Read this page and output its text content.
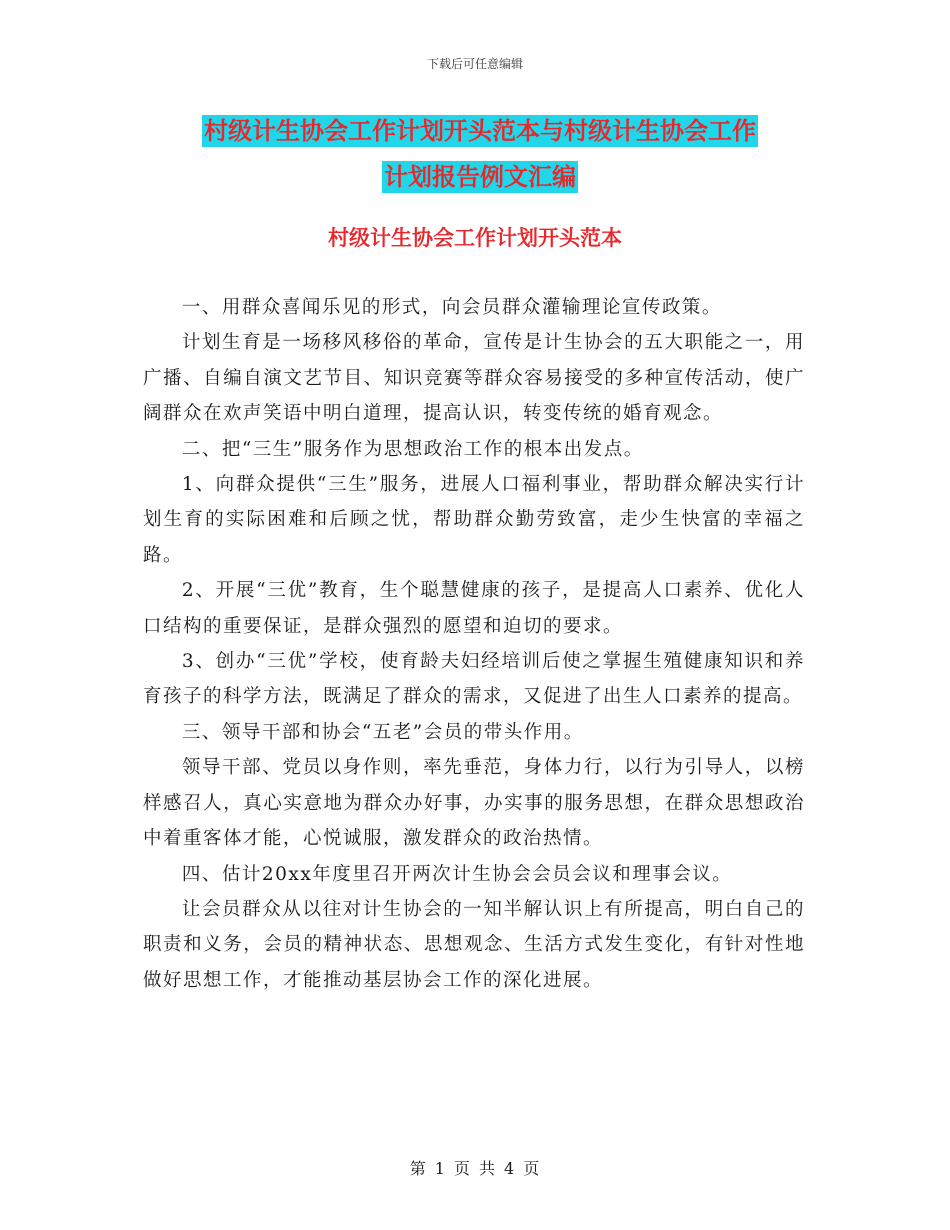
下载后可任意编辑
村级计生协会工作计划开头范本与村级计生协会工作
计划报告例文汇编
村级计生协会工作计划开头范本

一、用群众喜闻乐见的形式，向会员群众灌输理论宣传政策。

计划生育是一场移风移俗的革命，宣传是计生协会的五大职能之一，用广播、自编自演文艺节目、知识竞赛等群众容易接受的多种宣传活动，使广阔群众在欢声笑语中明白道理，提高认识，转变传统的婚育观念。

二、把“三生”服务作为思想政治工作的根本出发点。

1、向群众提供“三生”服务，进展人口福利事业，帮助群众解决实行计划生育的实际困难和后顾之忧，帮助群众勤劳致富，走少生快富的幸福之路。

2、开展“三优”教育，生个聪慧健康的孩子，是提高人口素养、优化人口结构的重要保证，是群众强烈的愿望和迫切的要求。

3、创办“三优”学校，使育龄夫妇经培训后使之掌握生殖健康知识和养育孩子的科学方法，既满足了群众的需求，又促进了出生人口素养的提高。

三、领导干部和协会“五老”会员的带头作用。

领导干部、党员以身作则，率先垂范，身体力行，以行为引导人，以榜样感召人，真心实意地为群众办好事，办实事的服务思想，在群众思想政治中着重客体才能，心悦诚服，激发群众的政治热情。

四、估计20xx年度里召开两次计生协会会员会议和理事会议。

让会员群众从以往对计生协会的一知半解认识上有所提高，明白自己的职责和义务，会员的精神状态、思想观念、生活方式发生变化，有针对性地做好思想工作，才能推动基层协会工作的深化进展。

第 1 页 共 4 页
